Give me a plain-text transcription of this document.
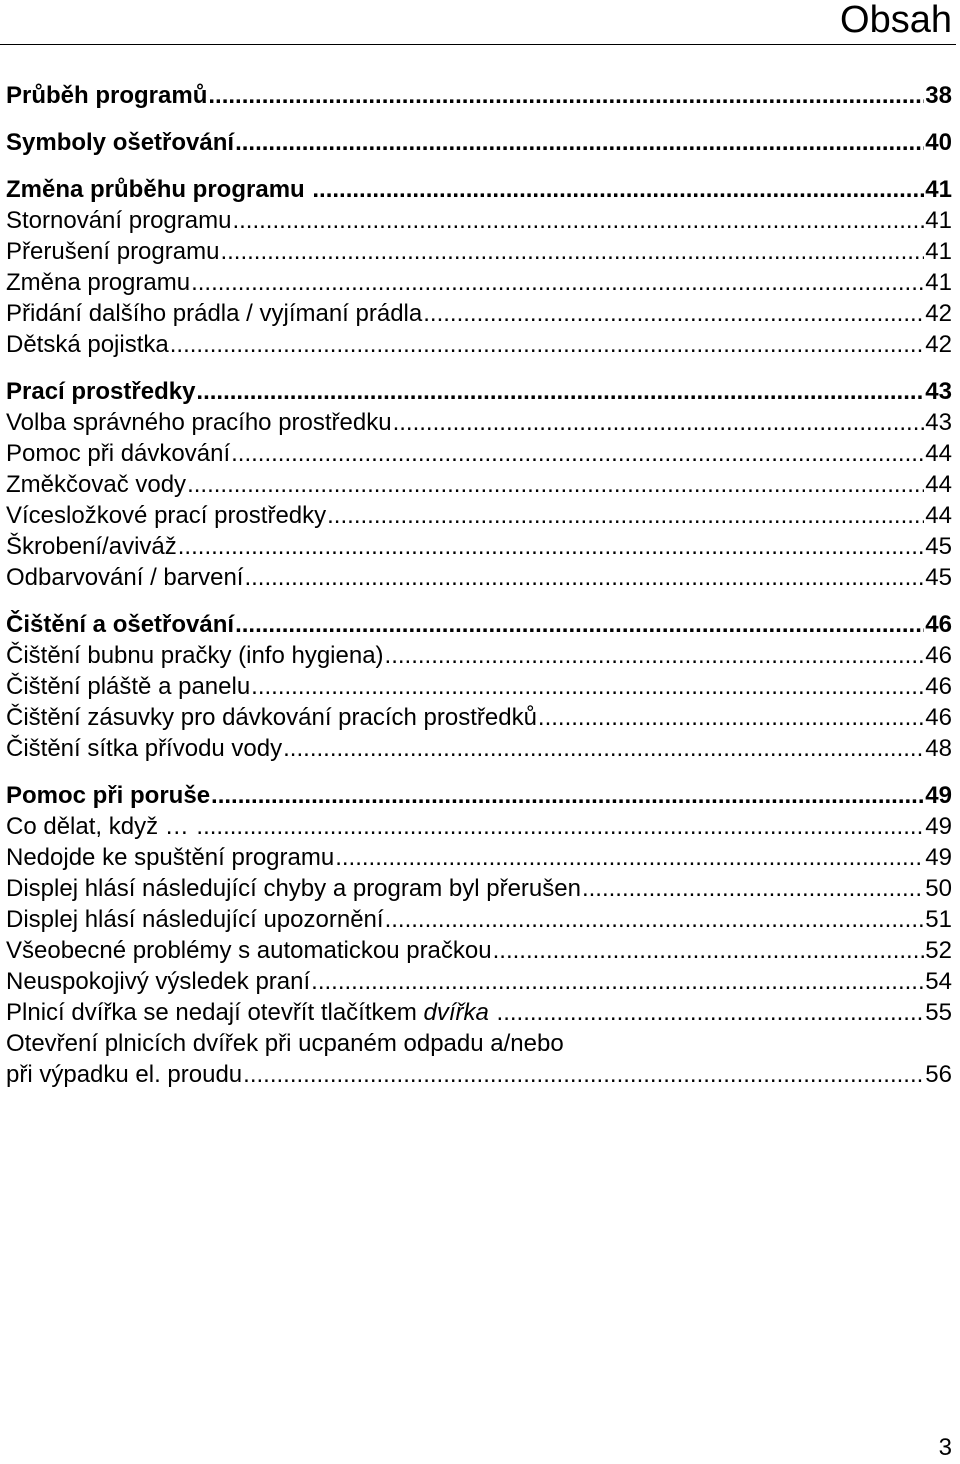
Obsah
Průběh programů .....	38
Symboly ošetřování .....	40
Změna průběhu programu .....	41
Stornování programu .....	41
Přerušení programu .....	41
Změna programu .....	41
Přidání dalšího prádla / vyjímaní prádla .....	42
Dětská pojistka .....	42
Prací prostředky .....	43
Volba správného pracího prostředku .....	43
Pomoc při dávkování .....	44
Změkčovač vody .....	44
Vícesložkové prací prostředky .....	44
Škrobení/aviváž .....	45
Odbarvování / barvení .....	45
Čištění a ošetřování .....	46
Čištění bubnu pračky (info hygiena) .....	46
Čištění pláště a panelu .....	46
Čištění zásuvky pro dávkování pracích prostředků .....	46
Čištění sítka přívodu vody .....	48
Pomoc při poruše .....	49
Co dělat, když … .....	49
Nedojde ke spuštění programu .....	49
Displej hlásí následující chyby a program byl přerušen .....	50
Displej hlásí následující upozornění .....	51
Všeobecné problémy s automatickou pračkou .....	52
Neuspokojivý výsledek praní .....	54
Plnicí dvířka se nedají otevřít tlačítkem dvířka .....	55
Otevření plnicích dvířek při ucpaném odpadu a/nebo
při výpadku el. proudu .....	56
3
